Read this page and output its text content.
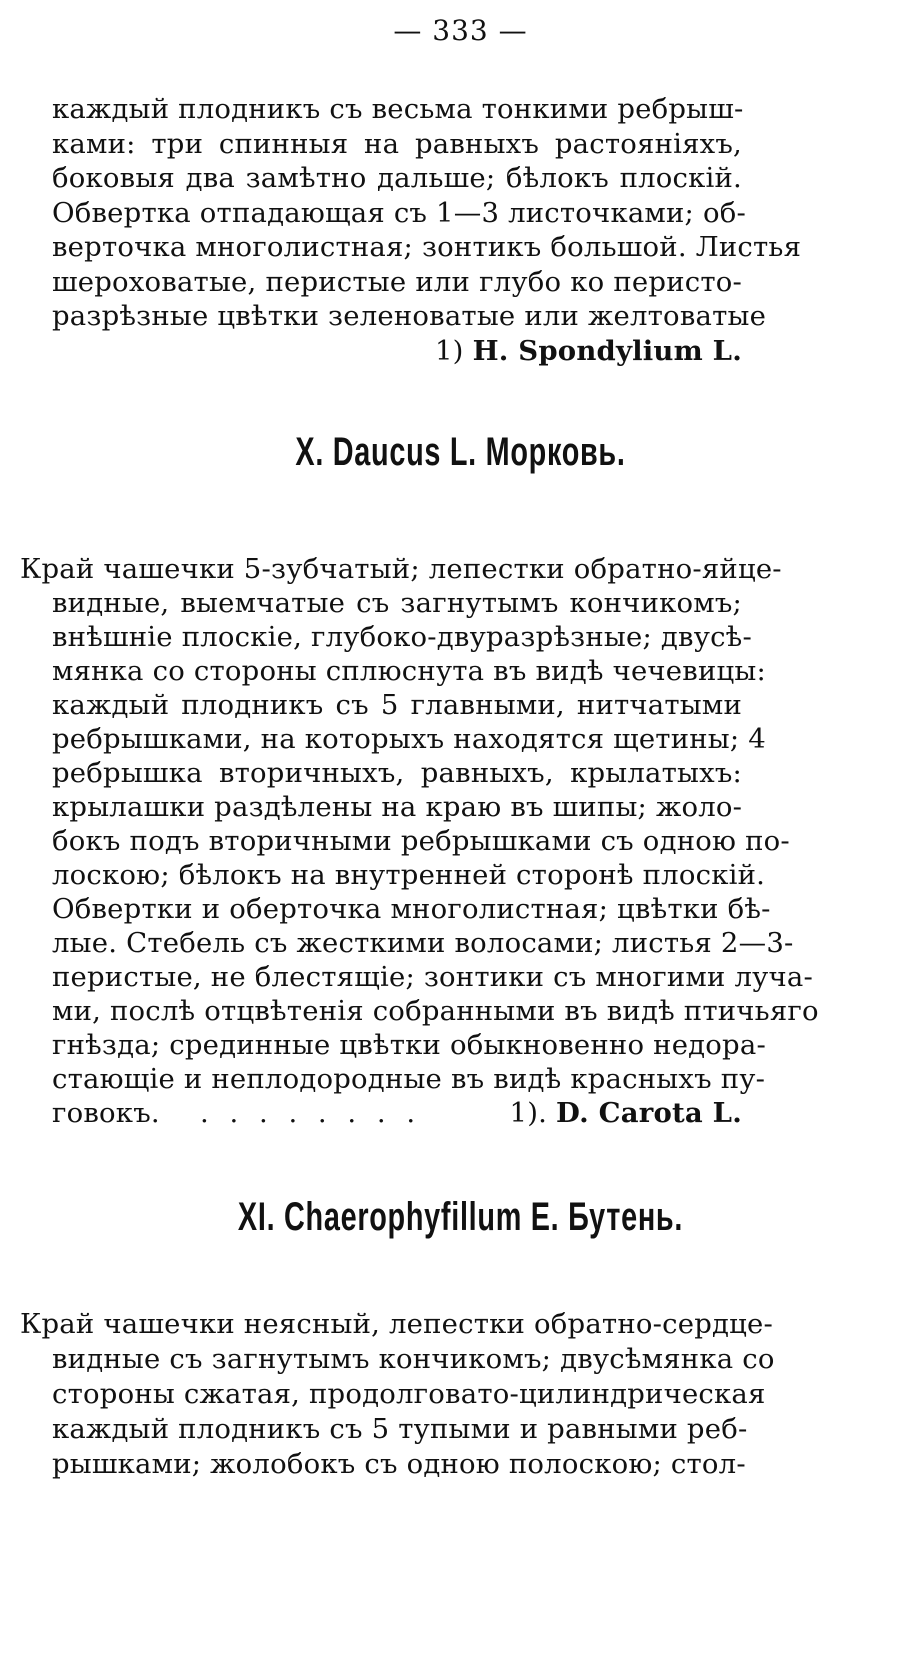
— 333 —
каждый плодникъ съ весьма тонкими ребрыш-
ками: три спинныя на равныхъ растоянiяхъ,
боковыя два замѣтно дальше; бѣлокъ плоскiй.
Обвертка отпадающая съ 1—3 листочками; об-
верточка многолистная; зонтикъ большой. Листья
шероховатые, перистые или глубо ко перисто-
разрѣзные цвѣтки зеленоватые или желтоватые
1) H. Spondylium L.
X. Daucus L. Морковь.
Край чашечки 5-зубчатый; лепестки обратно-яйце-
видные, выемчатые съ загнутымъ кончикомъ;
внѣшнiе плоскiе, глубоко-двуразрѣзные; двусѣ-
мянка со стороны сплюснута въ видѣ чечевицы:
каждый плодникъ съ 5 главными, нитчатыми
ребрышками, на которыхъ находятся щетины; 4
ребрышка вторичныхъ, равныхъ, крылатыхъ:
крылашки раздѣлены на краю въ шипы; жоло-
бокъ подъ вторичными ребрышками съ одною по-
лоскою; бѣлокъ на внутренней сторонѣ плоскiй.
Обвертки и оберточка многолистная; цвѣтки бѣ-
лые. Стебель съ жесткими волосами; листья 2—3-
перистые, не блестящiе; зонтики съ многими луча-
ми, послѣ отцвѣтенiя собранными въ видѣ птичьяго
гнѣзда; срединные цвѣтки обыкновенно недора-
стающiе и неплодородные въ видѣ красныхъ пу-
говокъ. . . . . . . . .	1). D. Carota L.
XI. Chaerophyfillum E. Бутень.
Край чашечки неясный, лепестки обратно-сердце-
видные съ загнутымъ кончикомъ; двусѣмянка со
стороны сжатая, продолговато-цилиндрическая
каждый плодникъ съ 5 тупыми и равными реб-
рышками; жолобокъ съ одною полоскою; стол-
